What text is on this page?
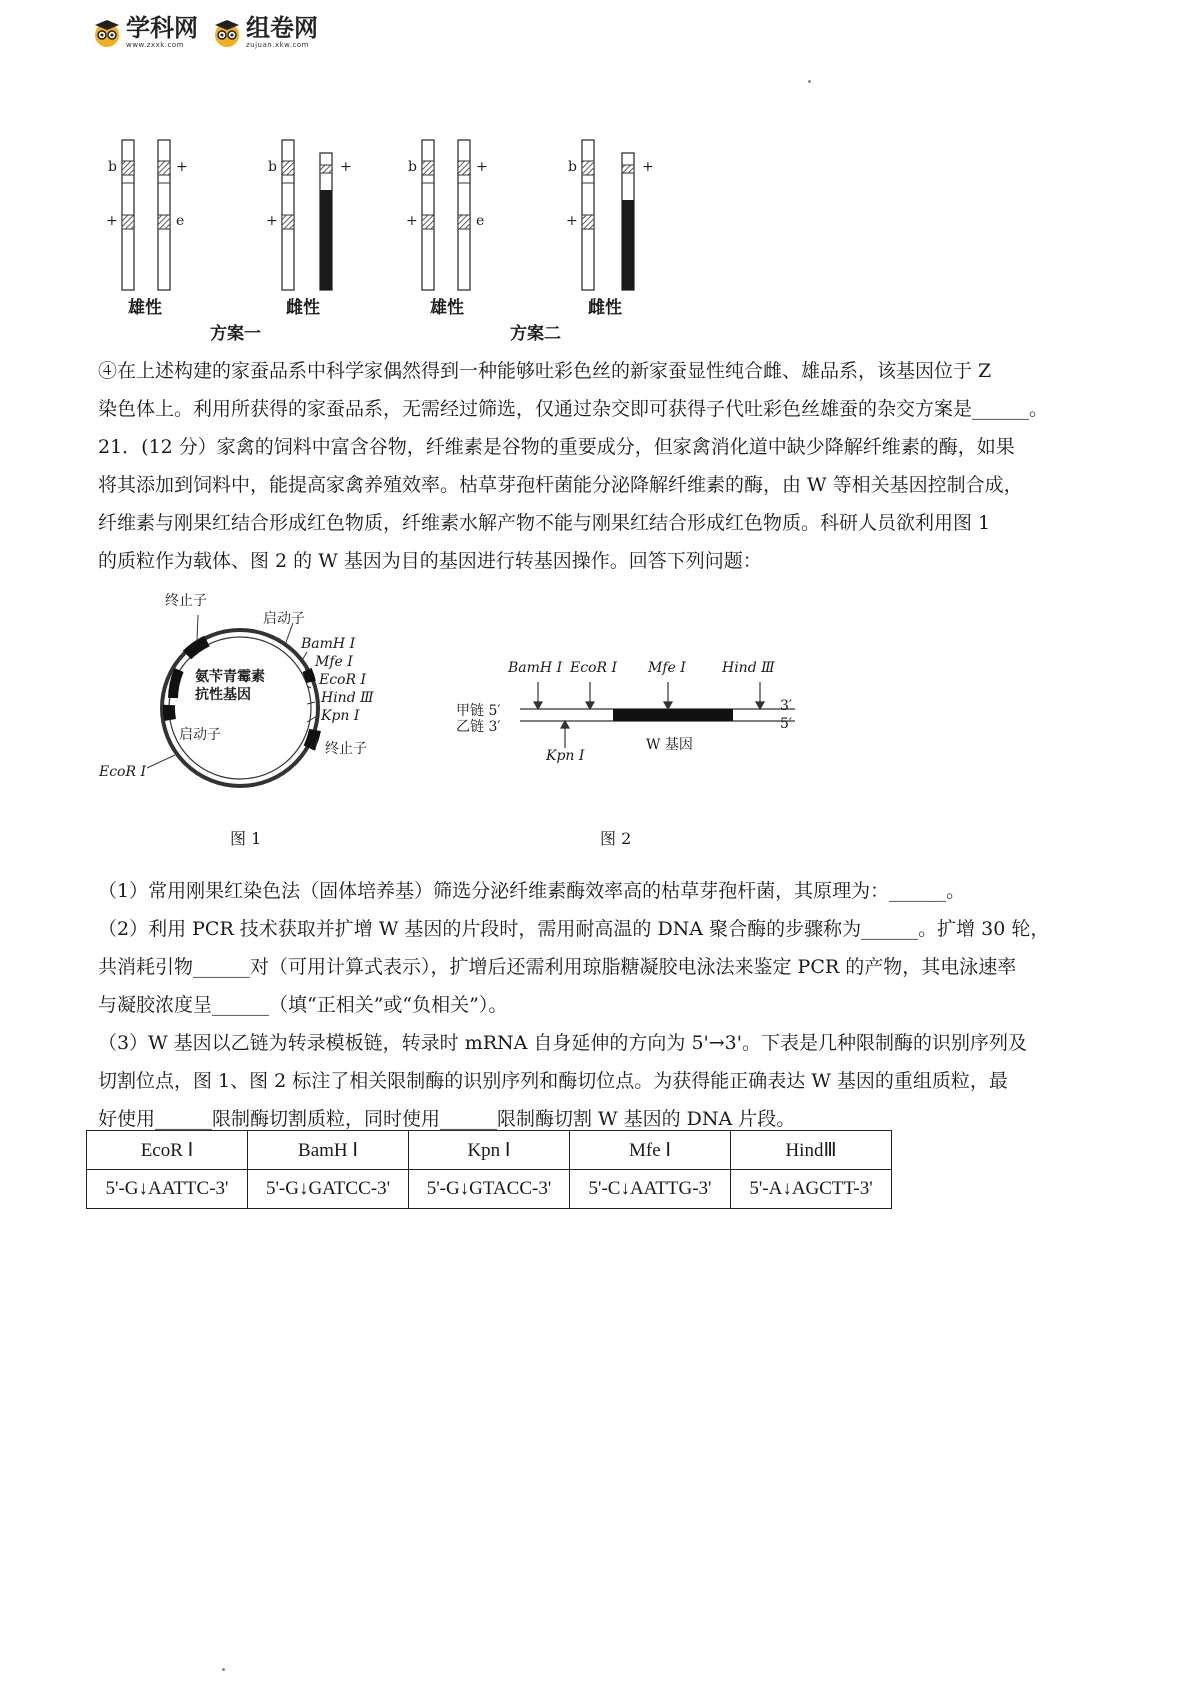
学科网
www.zxxk.com
组卷网
zujuan.xkw.com
b
+
+
e
b
+
+	b
+
+
e
b
+
+
雄性	雌性	雄性	雌性
方案一	方案二
④在上述构建的家蚕品系中科学家偶然得到一种能够吐彩色丝的新家蚕显性纯合雌、雄品系，该基因位于 Z
染色体上。利用所获得的家蚕品系，无需经过筛选，仅通过杂交即可获得子代吐彩色丝雄蚕的杂交方案是______。
21．(12 分）家禽的饲料中富含谷物，纤维素是谷物的重要成分，但家禽消化道中缺少降解纤维素的酶，如果
将其添加到饲料中，能提高家禽养殖效率。枯草芽孢杆菌能分泌降解纤维素的酶，由 W 等相关基因控制合成，
纤维素与刚果红结合形成红色物质，纤维素水解产物不能与刚果红结合形成红色物质。科研人员欲利用图 1
的质粒作为载体、图 2 的 W 基因为目的基因进行转基因操作。回答下列问题：
终止子
启动子
BamH Ⅰ
Mfe Ⅰ
EcoR Ⅰ
Hind Ⅲ
Kpn Ⅰ
终止子
氨苄青霉素
抗性基因
启动子
EcoR Ⅰ
图 1
BamH Ⅰ EcoR Ⅰ Mfe Ⅰ	Hind Ⅲ
甲链 5′
乙链 3′
3′
5′
Kpn Ⅰ
W 基因
图 2
（1）常用刚果红染色法（固体培养基）筛选分泌纤维素酶效率高的枯草芽孢杆菌，其原理为：______。
（2）利用 PCR 技术获取并扩增 W 基因的片段时，需用耐高温的 DNA 聚合酶的步骤称为______。扩增 30 轮，
共消耗引物______对（可用计算式表示），扩增后还需利用琼脂糖凝胶电泳法来鉴定 PCR 的产物，其电泳速率
与凝胶浓度呈______（填“正相关”或“负相关”）。
（3）W 基因以乙链为转录模板链，转录时 mRNA 自身延伸的方向为 5'→3'。下表是几种限制酶的识别序列及
切割位点，图 1、图 2 标注了相关限制酶的识别序列和酶切位点。为获得能正确表达 W 基因的重组质粒，最
好使用______限制酶切割质粒，同时使用______限制酶切割 W 基因的 DNA 片段。
EcoR Ⅰ	BamH Ⅰ	Kpn Ⅰ	Mfe Ⅰ	HindⅢ
5'-G↓AATTC-3'	5'-G↓GATCC-3'	5'-G↓GTACC-3'	5'-C↓AATTG-3'	5'-A↓AGCTT-3'
